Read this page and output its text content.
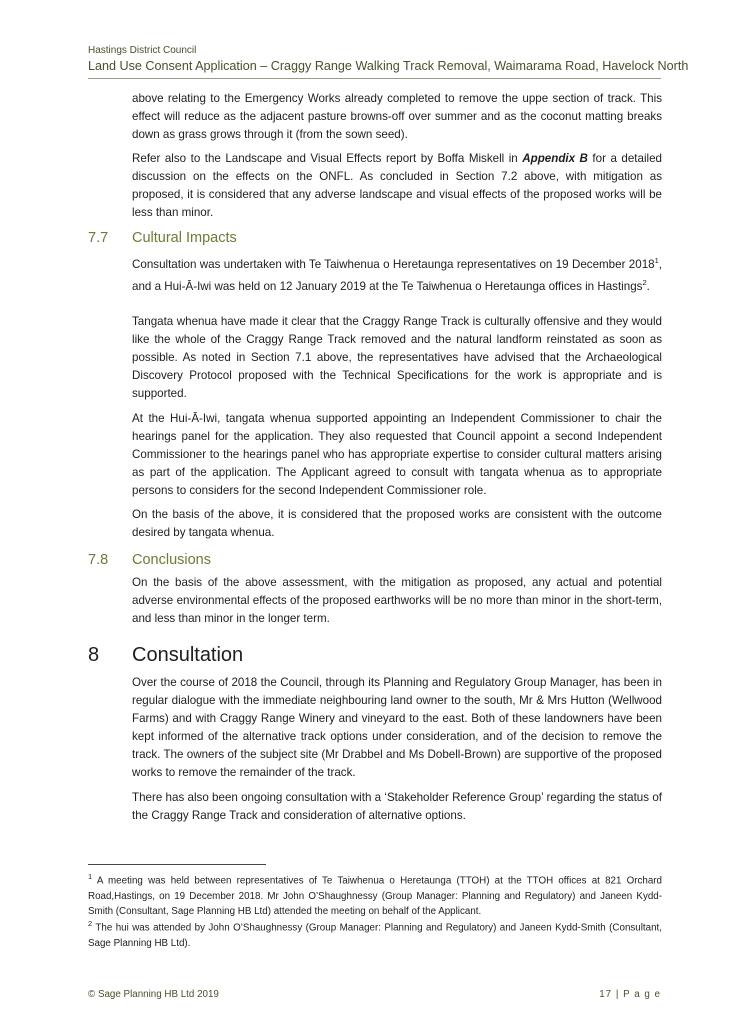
Hastings District Council
Land Use Consent Application – Craggy Range Walking Track Removal, Waimarama Road, Havelock North

above relating to the Emergency Works already completed to remove the uppe section of track. This effect will reduce as the adjacent pasture browns-off over summer and as the coconut matting breaks down as grass grows through it (from the sown seed).

Refer also to the Landscape and Visual Effects report by Boffa Miskell in Appendix B for a detailed discussion on the effects on the ONFL. As concluded in Section 7.2 above, with mitigation as proposed, it is considered that any adverse landscape and visual effects of the proposed works will be less than minor.

7.7 Cultural Impacts

Consultation was undertaken with Te Taiwhenua o Heretaunga representatives on 19 December 2018$^1$, and a Hui-Ā-Iwi was held on 12 January 2019 at the Te Taiwhenua o Heretaunga offices in Hastings$^2$.

Tangata whenua have made it clear that the Craggy Range Track is culturally offensive and they would like the whole of the Craggy Range Track removed and the natural landform reinstated as soon as possible. As noted in Section 7.1 above, the representatives have advised that the Archaeological Discovery Protocol proposed with the Technical Specifications for the work is appropriate and is supported.

At the Hui-Ā-Iwi, tangata whenua supported appointing an Independent Commissioner to chair the hearings panel for the application. They also requested that Council appoint a second Independent Commissioner to the hearings panel who has appropriate expertise to consider cultural matters arising as part of the application. The Applicant agreed to consult with tangata whenua as to appropriate persons to considers for the second Independent Commissioner role.

On the basis of the above, it is considered that the proposed works are consistent with the outcome desired by tangata whenua.

7.8 Conclusions

On the basis of the above assessment, with the mitigation as proposed, any actual and potential adverse environmental effects of the proposed earthworks will be no more than minor in the short-term, and less than minor in the longer term.

8 Consultation

Over the course of 2018 the Council, through its Planning and Regulatory Group Manager, has been in regular dialogue with the immediate neighbouring land owner to the south, Mr & Mrs Hutton (Wellwood Farms) and with Craggy Range Winery and vineyard to the east. Both of these landowners have been kept informed of the alternative track options under consideration, and of the decision to remove the track. The owners of the subject site (Mr Drabbel and Ms Dobell-Brown) are supportive of the proposed works to remove the remainder of the track.

There has also been ongoing consultation with a ‘Stakeholder Reference Group’ regarding the status of the Craggy Range Track and consideration of alternative options.

$^1$ A meeting was held between representatives of Te Taiwhenua o Heretaunga (TTOH) at the TTOH offices at 821 Orchard Road,Hastings, on 19 December 2018. Mr John O’Shaughnessy (Group Manager: Planning and Regulatory) and Janeen Kydd-Smith (Consultant, Sage Planning HB Ltd) attended the meeting on behalf of the Applicant.

$^2$ The hui was attended by John O’Shaughnessy (Group Manager: Planning and Regulatory) and Janeen Kydd-Smith (Consultant, Sage Planning HB Ltd).

© Sage Planning HB Ltd 2019	17 | P a g e
